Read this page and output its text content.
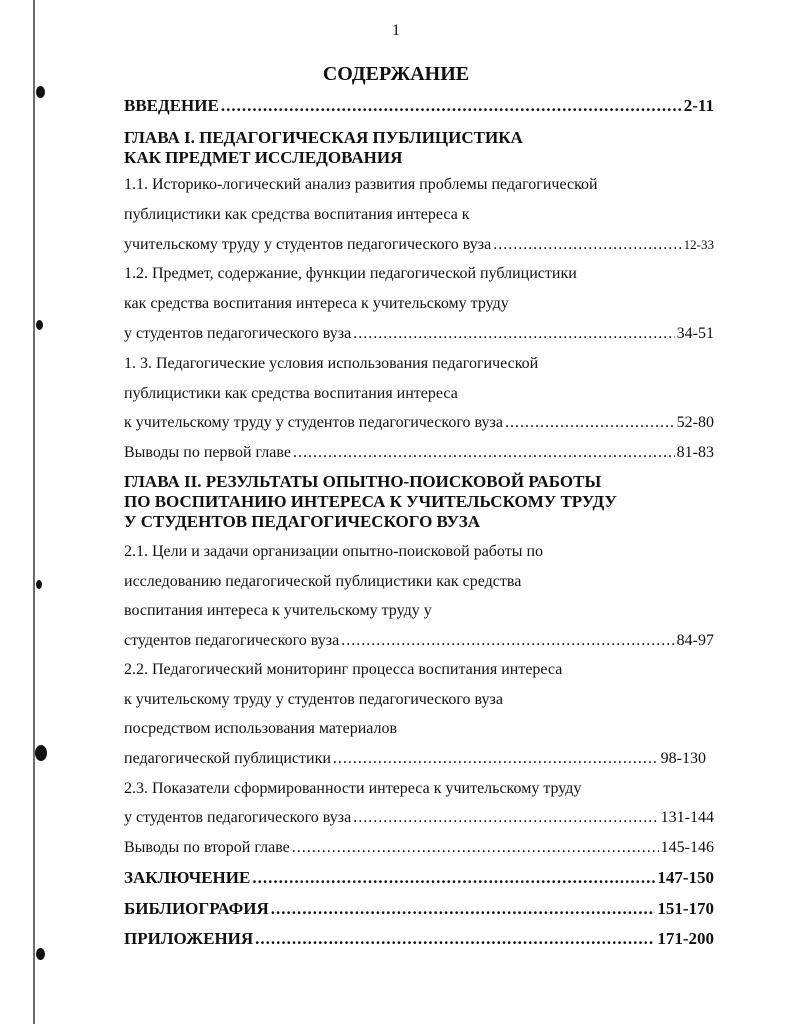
1
СОДЕРЖАНИЕ
ВВЕДЕНИЕ .....	2-11
ГЛАВА I. ПЕДАГОГИЧЕСКАЯ ПУБЛИЦИСТИКА
КАК ПРЕДМЕТ ИССЛЕДОВАНИЯ
1.1. Историко-логический анализ развития проблемы педагогической
публицистики как средства воспитания интереса к
учительскому труду у студентов педагогического вуза .....	12-33
1.2. Предмет, содержание, функции педагогической публицистики
как средства воспитания интереса к учительскому труду
у студентов педагогического вуза .....	34-51
1. 3. Педагогические условия использования педагогической
публицистики как средства воспитания интереса
к учительскому труду у студентов педагогического вуза .....	52-80
Выводы по первой главе .....	81-83
ГЛАВА II. РЕЗУЛЬТАТЫ ОПЫТНО-ПОИСКОВОЙ РАБОТЫ
ПО ВОСПИТАНИЮ ИНТЕРЕСА К УЧИТЕЛЬСКОМУ ТРУДУ
У СТУДЕНТОВ ПЕДАГОГИЧЕСКОГО ВУЗА
2.1. Цели и задачи организации опытно-поисковой работы по
исследованию педагогической публицистики как средства
воспитания интереса к учительскому труду у
студентов педагогического вуза .....	84-97
2.2. Педагогический мониторинг процесса воспитания интереса
к учительскому труду у студентов педагогического вуза
посредством использования материалов
педагогической публицистики .....	98-130
2.3. Показатели сформированности интереса к учительскому труду
у студентов педагогического вуза .....	131-144
Выводы по второй главе .....	145-146
ЗАКЛЮЧЕНИЕ .....	147-150
БИБЛИОГРАФИЯ .....	151-170
ПРИЛОЖЕНИЯ .....	171-200
